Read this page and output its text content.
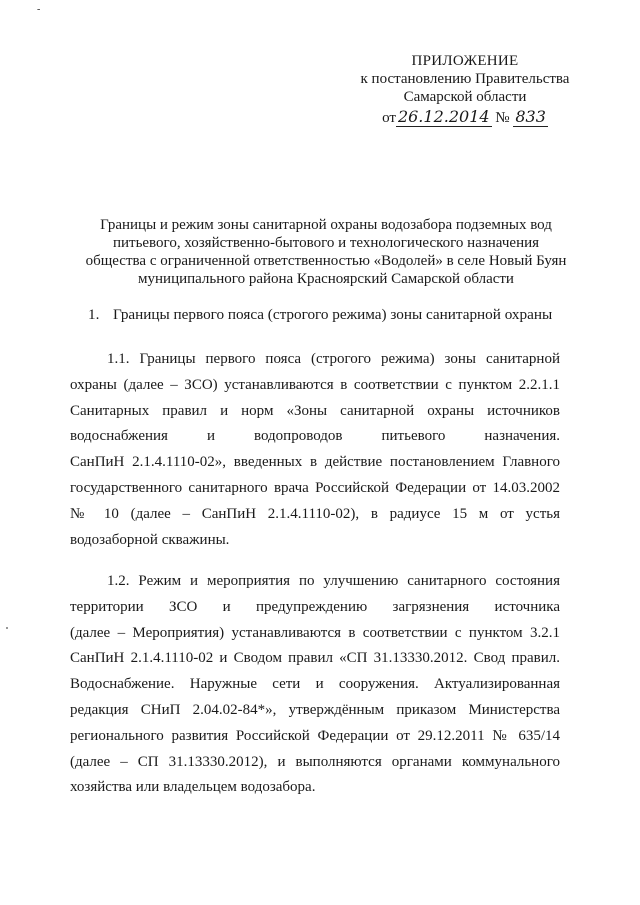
-
ПРИЛОЖЕНИЕ
к постановлению Правительства
Самарской области
от 26.12.2014 № 833
Границы и режим зоны санитарной охраны водозабора подземных вод
питьевого, хозяйственно-бытового и технологического назначения
общества с ограниченной ответственностью «Водолей» в селе Новый Буян
муниципального района Красноярский Самарской области
1. Границы первого пояса (строгого режима) зоны санитарной охраны
1.1. Границы первого пояса (строгого режима) зоны санитарной
охраны (далее – ЗСО) устанавливаются в соответствии с пунктом 2.2.1.1
Санитарных правил и норм «Зоны санитарной охраны источников
водоснабжения и водопроводов питьевого назначения.
СанПиН 2.1.4.1110-02», введенных в действие постановлением Главного
государственного санитарного врача Российской Федерации от 14.03.2002
№ 10 (далее – СанПиН 2.1.4.1110-02), в радиусе 15 м от устья
водозаборной скважины.
1.2. Режим и мероприятия по улучшению санитарного состояния
территории ЗСО и предупреждению загрязнения источника
(далее – Мероприятия) устанавливаются в соответствии с пунктом 3.2.1
СанПиН 2.1.4.1110-02 и Сводом правил «СП 31.13330.2012. Свод правил.
Водоснабжение. Наружные сети и сооружения. Актуализированная
редакция СНиП 2.04.02-84*», утверждённым приказом Министерства
регионального развития Российской Федерации от 29.12.2011 № 635/14
(далее – СП 31.13330.2012), и выполняются органами коммунального
хозяйства или владельцем водозабора.
